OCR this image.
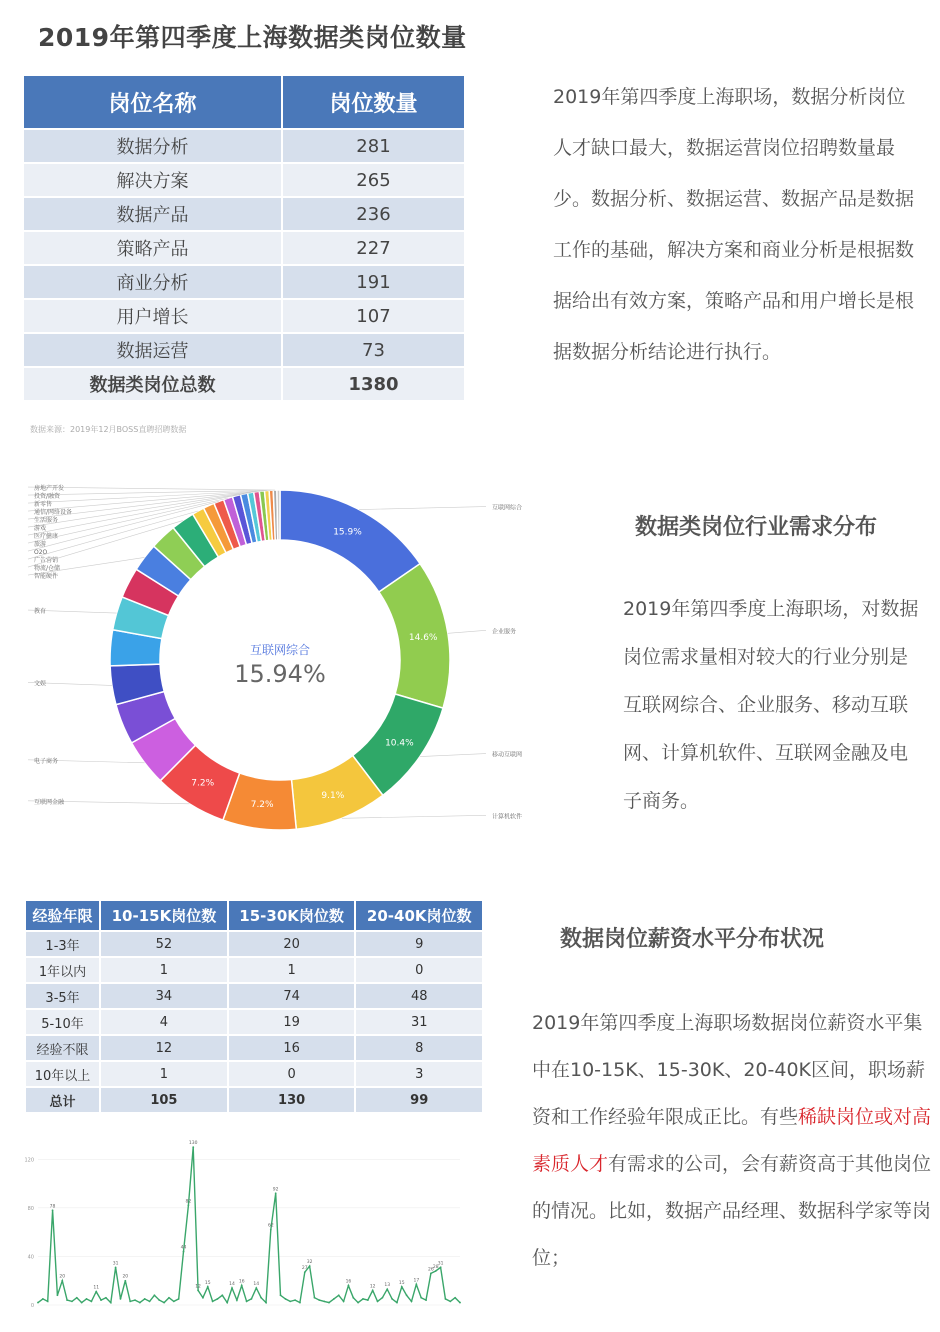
2019年第四季度上海数据类岗位数量
岗位名称	岗位数量
数据分析	281
解决方案	265
数据产品	236
策略产品	227
商业分析	191
用户增长	107
数据运营	73
数据类岗位总数	1380
数据来源：2019年12月BOSS直聘招聘数据
2019年第四季度上海职场，数据分析岗位人才缺口最大，数据运营岗位招聘数量最少。数据分析、数据运营、数据产品是数据工作的基础，解决方案和商业分析是根据数据给出有效方案，策略产品和用户增长是根据数据分析结论进行执行。
15.9%
14.6%
10.4%
9.1%
7.2%
7.2%
互联网综合
企业服务
移动互联网
计算机软件
房地产开发
投资/融资
新零售
通信/网络设备
生活服务
游戏
医疗健康
旅游
O2O
广告营销
物流/仓储
智能硬件
教育
文娱
电子商务
互联网金融
互联网综合
15.94%
数据类岗位行业需求分布
2019年第四季度上海职场，对数据岗位需求量相对较大的行业分别是互联网综合、企业服务、移动互联网、计算机软件、互联网金融及电子商务。
经验年限	10-15K岗位数	15-30K岗位数	20-40K岗位数
1-3年	52	20	9
1年以内	1	1	0
3-5年	34	74	48
5-10年	4	19	31
经验不限	12	16	8
10年以上	1	0	3
总计	105	130	99
数据岗位薪资水平分布状况
2019年第四季度上海职场数据岗位薪资水平集中在10-15K、15-30K、20-40K区间，职场薪资和工作经验年限成正比。有些稀缺岗位或对高素质人才有需求的公司，会有薪资高于其他岗位的情况。比如，数据产品经理、数据科学家等岗位；
120
80
40
0
78
20
11
31
20
44
82
130
12
15	14 16 14
62
92
27
32
16
12 13 15 17
26 28
31
